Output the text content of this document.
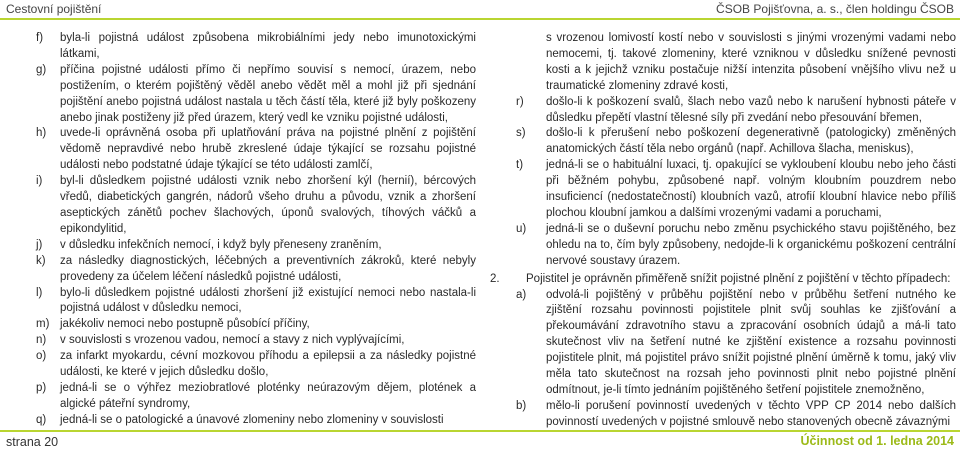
Cestovní pojištění	ČSOB Pojišťovna, a. s., člen holdingu ČSOB
f) byla-li pojistná událost způsobena mikrobiálními jedy nebo imunotoxickými látkami,
g) příčina pojistné události přímo či nepřímo souvisí s nemocí, úrazem, nebo postižením, o kterém pojištěný věděl anebo vědět měl a mohl již při sjednání pojištění anebo pojistná událost nastala u těch částí těla, které již byly poškozeny anebo jinak postiženy již před úrazem, který vedl ke vzniku pojistné události,
h) uvede-li oprávněná osoba při uplatňování práva na pojistné plnění z pojištění vědomě nepravdivé nebo hrubě zkreslené údaje týkající se rozsahu pojistné události nebo podstatné údaje týkající se této události zamlčí,
i) byl-li důsledkem pojistné události vznik nebo zhoršení kýl (hernií), bércových vředů, diabetických gangrén, nádorů všeho druhu a původu, vznik a zhoršení aseptických zánětů pochev šlachových, úponů svalových, tíhových váčků a epikondylitid,
j) v důsledku infekčních nemocí, i když byly přeneseny zraněním,
k) za následky diagnostických, léčebných a preventivních zákroků, které nebyly provedeny za účelem léčení následků pojistné události,
l) bylo-li důsledkem pojistné události zhoršení již existující nemoci nebo nastala-li pojistná událost v důsledku nemoci,
m) jakékoliv nemoci nebo postupně působící příčiny,
n) v souvislosti s vrozenou vadou, nemocí a stavy z nich vyplývajícími,
o) za infarkt myokardu, cévní mozkovou příhodu a epilepsii a za následky pojistné události, ke které v jejich důsledku došlo,
p) jedná-li se o výhřez meziobratlové ploténky neúrazovým dějem, plotének a algické páteřní syndromy,
q) jedná-li se o patologické a únavové zlomeniny nebo zlomeniny v souvislosti
s vrozenou lomivostí kostí nebo v souvislosti s jinými vrozenými vadami nebo nemocemi, tj. takové zlomeniny, které vzniknou v důsledku snížené pevnosti kosti a k jejichž vzniku postačuje nižší intenzita působení vnějšího vlivu než u traumatické zlomeniny zdravé kosti,
r) došlo-li k poškození svalů, šlach nebo vazů nebo k narušení hybnosti páteře v důsledku přepětí vlastní tělesné síly při zvedání nebo přesouvání břemen,
s) došlo-li k přerušení nebo poškození degenerativně (patologicky) změněných anatomických částí těla nebo orgánů (např. Achillova šlacha, meniskus),
t) jedná-li se o habituální luxaci, tj. opakující se vykloubení kloubu nebo jeho části při běžném pohybu, způsobené např. volným kloubním pouzdrem nebo insuficiencí (nedostatečností) kloubních vazů, atrofií kloubní hlavice nebo příliš plochou kloubní jamkou a dalšími vrozenými vadami a poruchami,
u) jedná-li se o duševní poruchu nebo změnu psychického stavu pojištěného, bez ohledu na to, čím byly způsobeny, nedojde-li k organickému poškození centrální nervové soustavy úrazem.
2. Pojistitel je oprávněn přiměřeně snížit pojistné plnění z pojištění v těchto případech:
a) odvolá-li pojištěný v průběhu pojištění nebo v průběhu šetření nutného ke zjištění rozsahu povinnosti pojistitele plnit svůj souhlas ke zjišťování a překoumávání zdravotního stavu a zpracování osobních údajů a má-li tato skutečnost vliv na šetření nutné ke zjištění existence a rozsahu povinnosti pojistitele plnit, má pojistitel právo snížit pojistné plnění úměrně k tomu, jaký vliv měla tato skutečnost na rozsah jeho povinnosti plnit nebo pojistné plnění odmítnout, je-li tímto jednáním pojištěného šetření pojistitele znemožněno,
b) mělo-li porušení povinností uvedených v těchto VPP CP 2014 nebo dalších povinností uvedených v pojistné smlouvě nebo stanovených obecně závaznými
strana 20	Účinnost od 1. ledna 2014
